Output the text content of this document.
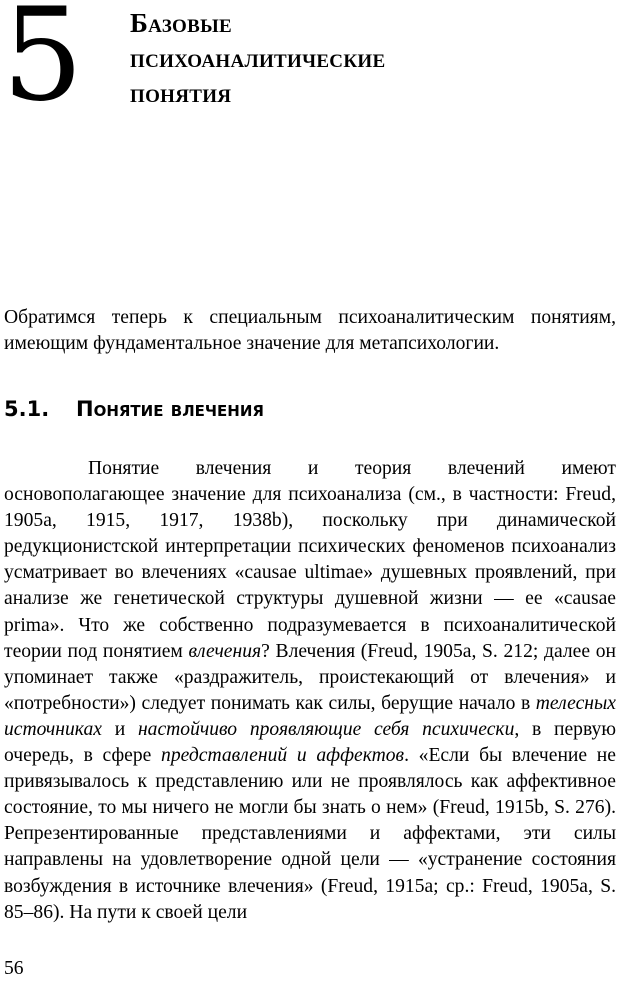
5 Базовые
психоаналитические
понятия
Обратимся теперь к специальным психоаналитическим понятиям, имеющим фундаментальное значение для метапсихологии.
5.1. Понятие влечения
Понятие влечения и теория влечений имеют основополагающее значение для психоанализа (см., в частности: Freud, 1905a, 1915, 1917, 1938b), поскольку при динамической редукционистской интерпретации психических феноменов психоанализ усматривает во влечениях «causae ultimae» душевных проявлений, при анализе же генетической структуры душевной жизни — ее «causae prima». Что же собственно подразумевается в психоаналитической теории под понятием влечения? Влечения (Freud, 1905a, S. 212; далее он упоминает также «раздражитель, проистекающий от влечения» и «потребности») следует понимать как силы, берущие начало в телесных источниках и настойчиво проявляющие себя психически, в первую очередь, в сфере представлений и аффектов. «Если бы влечение не привязывалось к представлению или не проявлялось как аффективное состояние, то мы ничего не могли бы знать о нем» (Freud, 1915b, S. 276). Репрезентированные представлениями и аффектами, эти силы направлены на удовлетворение одной цели — «устранение состояния возбуждения в источнике влечения» (Freud, 1915a; ср.: Freud, 1905a, S. 85–86). На пути к своей цели
56
